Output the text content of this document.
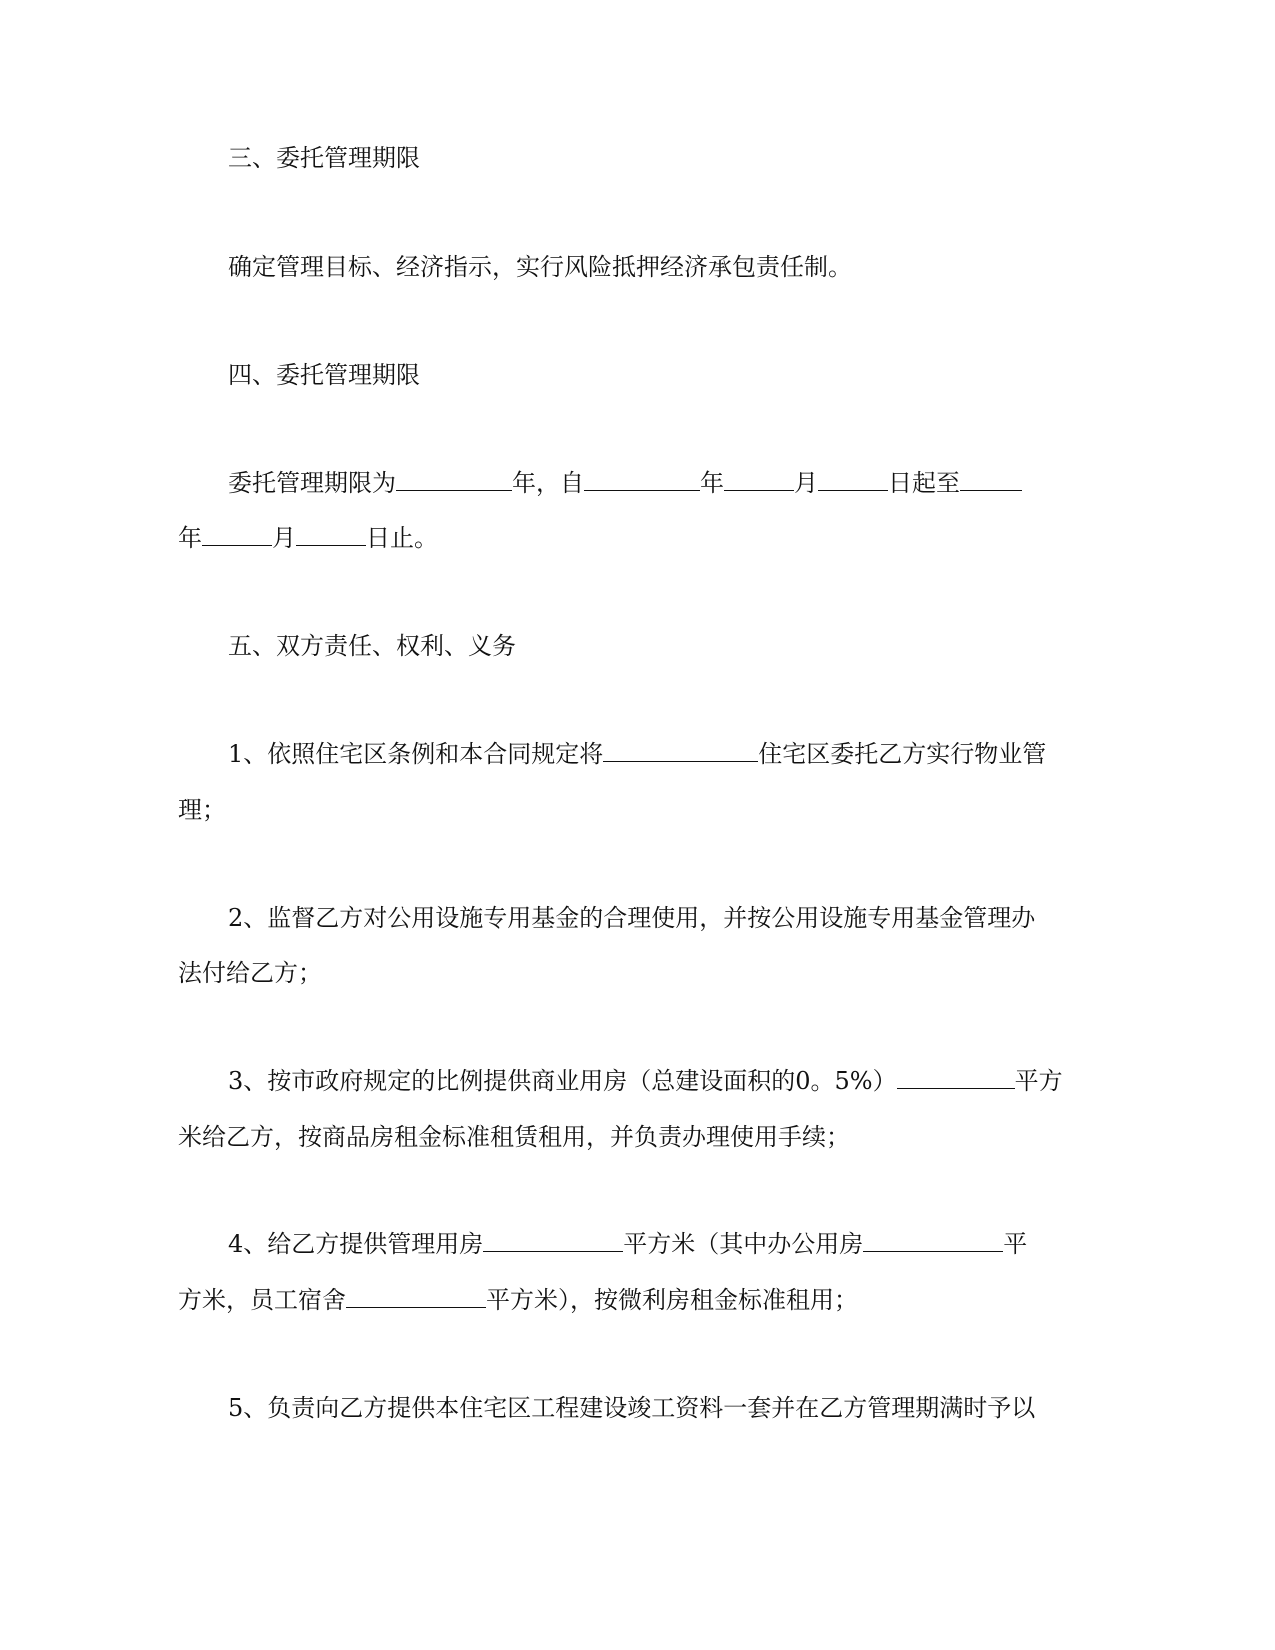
三、委托管理期限
确定管理目标、经济指示，实行风险抵押经济承包责任制。
四、委托管理期限
委托管理期限为	年，自	年	月	日起至
年	月	日止。
五、双方责任、权利、义务
1、依照住宅区条例和本合同规定将	住宅区委托乙方实行物业管
理；
2、监督乙方对公用设施专用基金的合理使用，并按公用设施专用基金管理办
法付给乙方；
3、按市政府规定的比例提供商业用房（总建设面积的0。5%）	平方
米给乙方，按商品房租金标准租赁租用，并负责办理使用手续；
4、给乙方提供管理用房	平方米（其中办公用房	平
方米，员工宿舍	平方米），按微利房租金标准租用；
5、负责向乙方提供本住宅区工程建设竣工资料一套并在乙方管理期满时予以
